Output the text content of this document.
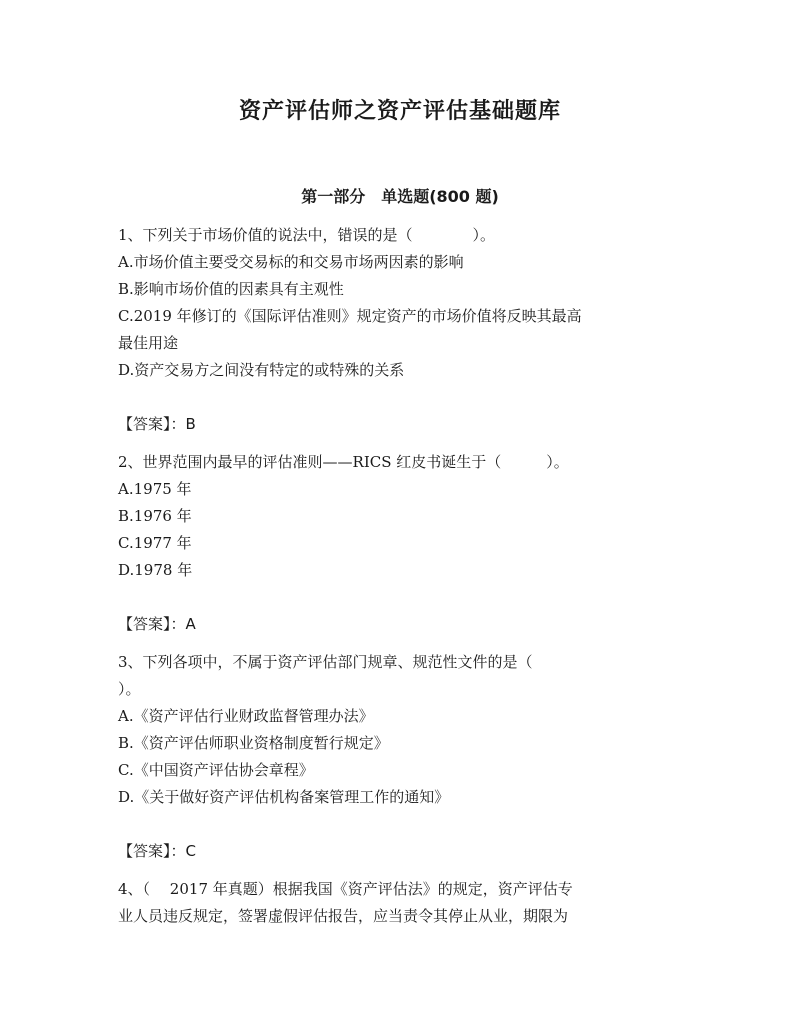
资产评估师之资产评估基础题库
第一部分　单选题(800 题)

1、下列关于市场价值的说法中，错误的是（　　　　）。

A.市场价值主要受交易标的和交易市场两因素的影响

B.影响市场价值的因素具有主观性

C.2019 年修订的《国际评估准则》规定资产的市场价值将反映其最高

最佳用途

D.资产交易方之间没有特定的或特殊的关系

【答案】：B

2、世界范围内最早的评估准则——RICS 红皮书诞生于（　　　）。

A.1975 年

B.1976 年

C.1977 年

D.1978 年

【答案】：A

3、下列各项中，不属于资产评估部门规章、规范性文件的是（

）。

A.《资产评估行业财政监督管理办法》

B.《资产评估师职业资格制度暂行规定》

C.《中国资产评估协会章程》

D.《关于做好资产评估机构备案管理工作的通知》

【答案】：C

4、（　 2017 年真题）根据我国《资产评估法》的规定，资产评估专

业人员违反规定，签署虚假评估报告，应当责令其停止从业，期限为
